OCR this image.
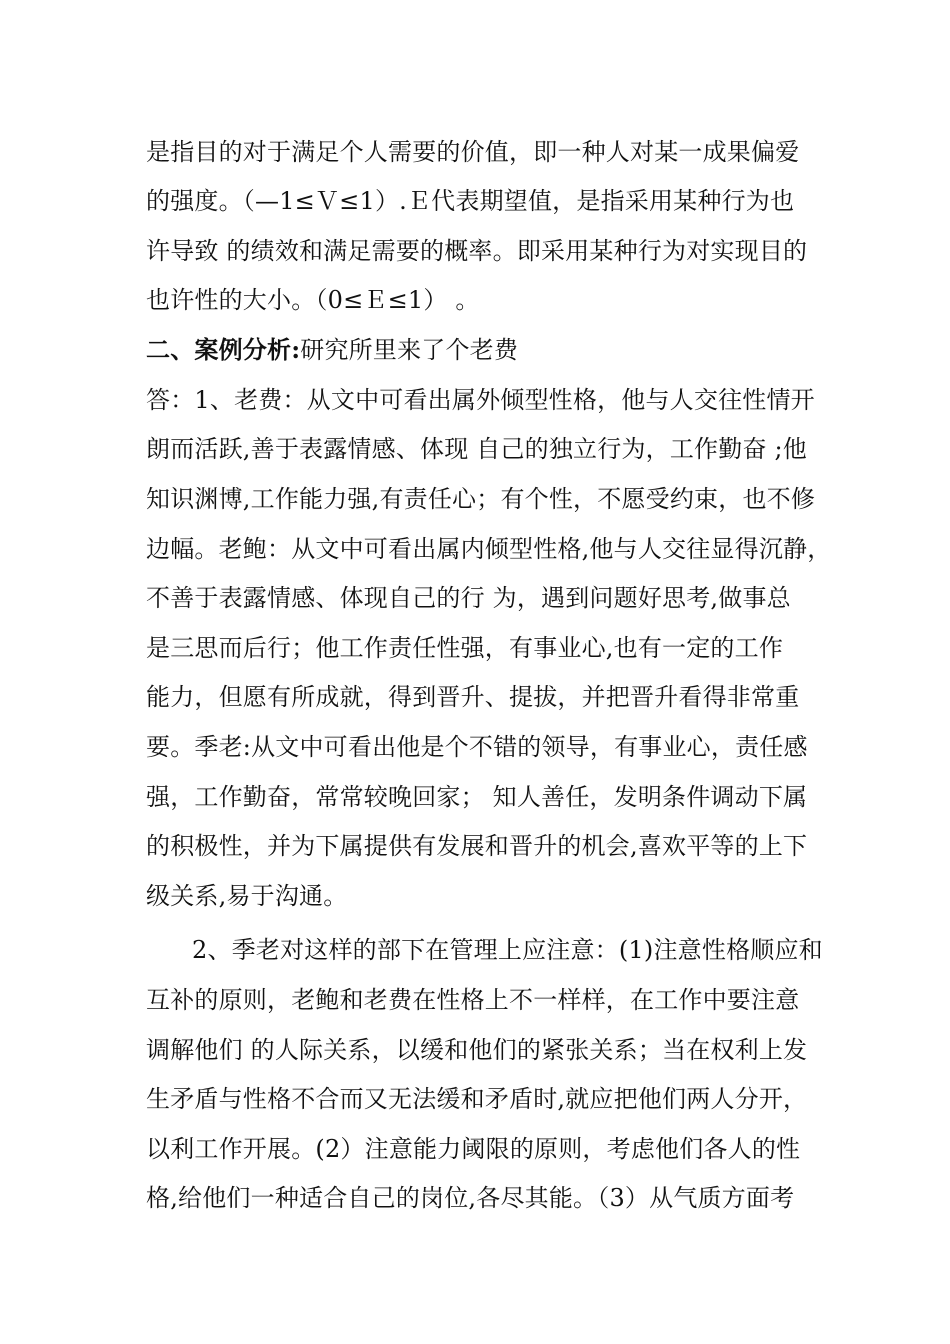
是指目的对于满足个人需要的价值，即一种人对某一成果偏爱
的强度。（—1≤Ｖ≤1）.Ｅ代表期望值，是指采用某种行为也
许导致 的绩效和满足需要的概率。即采用某种行为对实现目的
也许性的大小。（0≤Ｅ≤1） 。
二、案例分析:研究所里来了个老费
答：1、老费：从文中可看出属外倾型性格，他与人交往性情开
朗而活跃,善于表露情感、体现 自己的独立行为，工作勤奋 ;他
知识渊博,工作能力强,有责任心；有个性，不愿受约束，也不修
边幅。老鲍：从文中可看出属内倾型性格,他与人交往显得沉静，
不善于表露情感、体现自己的行 为，遇到问题好思考,做事总
是三思而后行；他工作责任性强，有事业心,也有一定的工作
能力，但愿有所成就，得到晋升、提拔，并把晋升看得非常重
要。季老:从文中可看出他是个不错的领导，有事业心，责任感
强，工作勤奋，常常较晚回家； 知人善任，发明条件调动下属
的积极性，并为下属提供有发展和晋升的机会,喜欢平等的上下
级关系,易于沟通。
2、季老对这样的部下在管理上应注意：(1)注意性格顺应和
互补的原则，老鲍和老费在性格上不一样样，在工作中要注意
调解他们 的人际关系，以缓和他们的紧张关系；当在权利上发
生矛盾与性格不合而又无法缓和矛盾时,就应把他们两人分开，
以利工作开展。(2）注意能力阈限的原则，考虑他们各人的性
格,给他们一种适合自己的岗位,各尽其能。（3）从气质方面考
